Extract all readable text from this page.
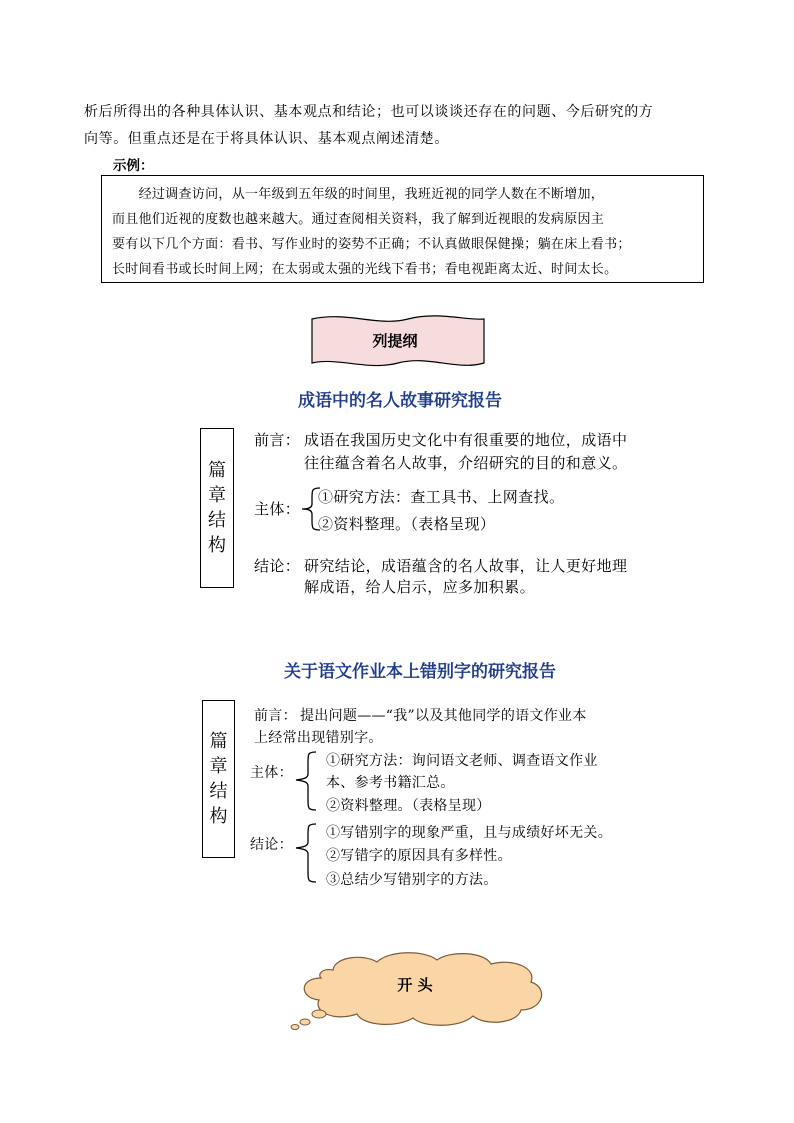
析后所得出的各种具体认识、基本观点和结论；也可以谈谈还存在的问题、今后研究的方
向等。但重点还是在于将具体认识、基本观点阐述清楚。
示例：
　　经过调查访问，从一年级到五年级的时间里，我班近视的同学人数在不断增加，
而且他们近视的度数也越来越大。通过查阅相关资料，我了解到近视眼的发病原因主
要有以下几个方面：看书、写作业时的姿势不正确；不认真做眼保健操；躺在床上看书；
长时间看书或长时间上网；在太弱或太强的光线下看书；看电视距离太近、时间太长。
列提纲
成语中的名人故事研究报告
篇
章
结
构
前言： 成语在我国历史文化中有很重要的地位，成语中
往往蕴含着名人故事，介绍研究的目的和意义。
主体：
①研究方法：查工具书、上网查找。
②资料整理。（表格呈现）
结论： 研究结论，成语蕴含的名人故事，让人更好地理
解成语，给人启示，应多加积累。
关于语文作业本上错别字的研究报告
篇
章
结
构
前言： 提出问题——“我”以及其他同学的语文作业本
上经常出现错别字。
主体：
①研究方法：询问语文老师、调查语文作业
本、参考书籍汇总。
②资料整理。（表格呈现）
结论：
①写错别字的现象严重，且与成绩好坏无关。
②写错字的原因具有多样性。
③总结少写错别字的方法。
开 头
